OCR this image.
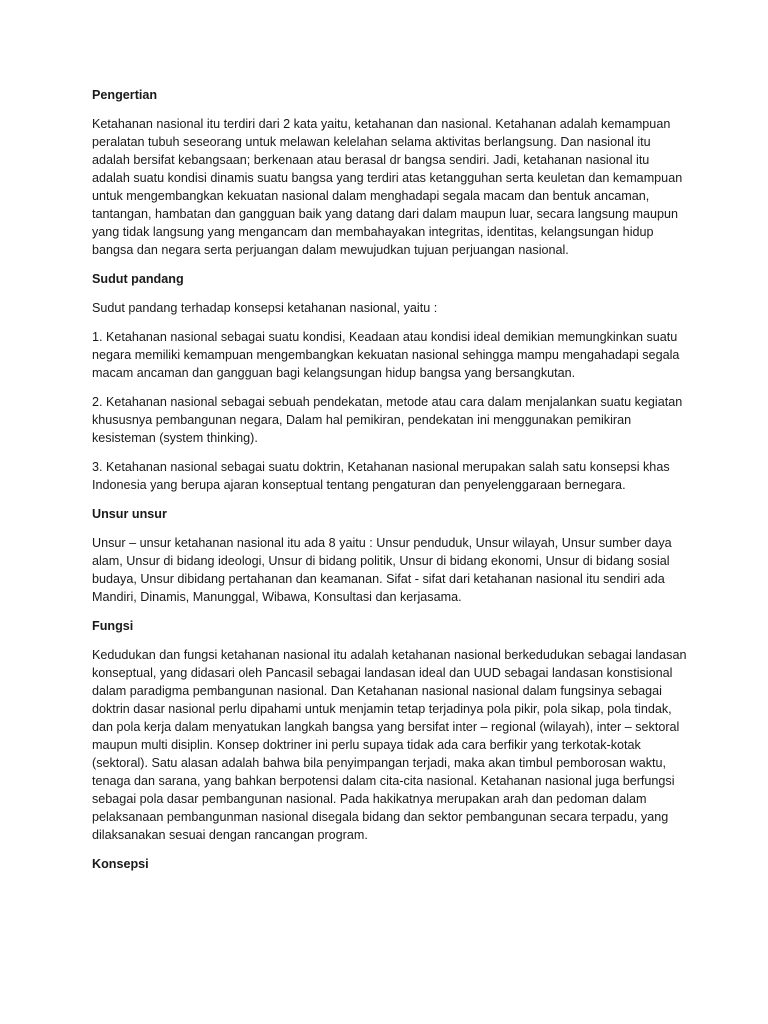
Pengertian
Ketahanan nasional itu terdiri dari 2 kata yaitu, ketahanan dan nasional. Ketahanan adalah kemampuan peralatan tubuh seseorang untuk melawan kelelahan selama aktivitas berlangsung. Dan nasional itu adalah bersifat kebangsaan; berkenaan atau berasal dr bangsa sendiri. Jadi, ketahanan nasional itu adalah suatu kondisi dinamis suatu bangsa yang terdiri atas ketangguhan serta keuletan dan kemampuan untuk mengembangkan kekuatan nasional dalam menghadapi segala macam dan bentuk ancaman, tantangan, hambatan dan gangguan baik yang datang dari dalam maupun luar, secara langsung maupun yang tidak langsung yang mengancam dan membahayakan integritas, identitas, kelangsungan hidup bangsa dan negara serta perjuangan dalam mewujudkan tujuan perjuangan nasional.
Sudut pandang
Sudut pandang terhadap konsepsi ketahanan nasional, yaitu :
1. Ketahanan nasional sebagai suatu kondisi, Keadaan atau kondisi ideal demikian memungkinkan suatu negara memiliki kemampuan mengembangkan kekuatan nasional sehingga mampu mengahadapi segala macam ancaman dan gangguan bagi kelangsungan hidup bangsa yang bersangkutan.
2. Ketahanan nasional sebagai sebuah pendekatan, metode atau cara dalam menjalankan suatu kegiatan khususnya pembangunan negara, Dalam hal pemikiran, pendekatan ini menggunakan pemikiran kesisteman (system thinking).
3. Ketahanan nasional sebagai suatu doktrin, Ketahanan nasional merupakan salah satu konsepsi khas Indonesia yang berupa ajaran konseptual tentang pengaturan dan penyelenggaraan bernegara.
Unsur unsur
Unsur – unsur ketahanan nasional itu ada 8 yaitu : Unsur penduduk, Unsur wilayah, Unsur sumber daya alam, Unsur di bidang ideologi, Unsur di bidang politik, Unsur di bidang ekonomi, Unsur di bidang sosial budaya, Unsur dibidang pertahanan dan keamanan. Sifat - sifat dari ketahanan nasional itu sendiri ada Mandiri, Dinamis, Manunggal, Wibawa, Konsultasi dan kerjasama.
Fungsi
Kedudukan dan fungsi ketahanan nasional itu adalah ketahanan nasional berkedudukan sebagai landasan konseptual, yang didasari oleh Pancasil sebagai landasan ideal dan UUD sebagai landasan konstisional dalam paradigma pembangunan nasional. Dan Ketahanan nasional nasional dalam fungsinya sebagai doktrin dasar nasional perlu dipahami untuk menjamin tetap terjadinya pola pikir, pola sikap, pola tindak, dan pola kerja dalam menyatukan langkah bangsa yang bersifat inter – regional (wilayah), inter – sektoral maupun multi disiplin. Konsep doktriner ini perlu supaya tidak ada cara berfikir yang terkotak-kotak (sektoral). Satu alasan adalah bahwa bila penyimpangan terjadi, maka akan timbul pemborosan waktu, tenaga dan sarana, yang bahkan berpotensi dalam cita-cita nasional. Ketahanan nasional juga berfungsi sebagai pola dasar pembangunan nasional. Pada hakikatnya merupakan arah dan pedoman dalam pelaksanaan pembangunman nasional disegala bidang dan sektor pembangunan secara terpadu, yang dilaksanakan sesuai dengan rancangan program.
Konsepsi
